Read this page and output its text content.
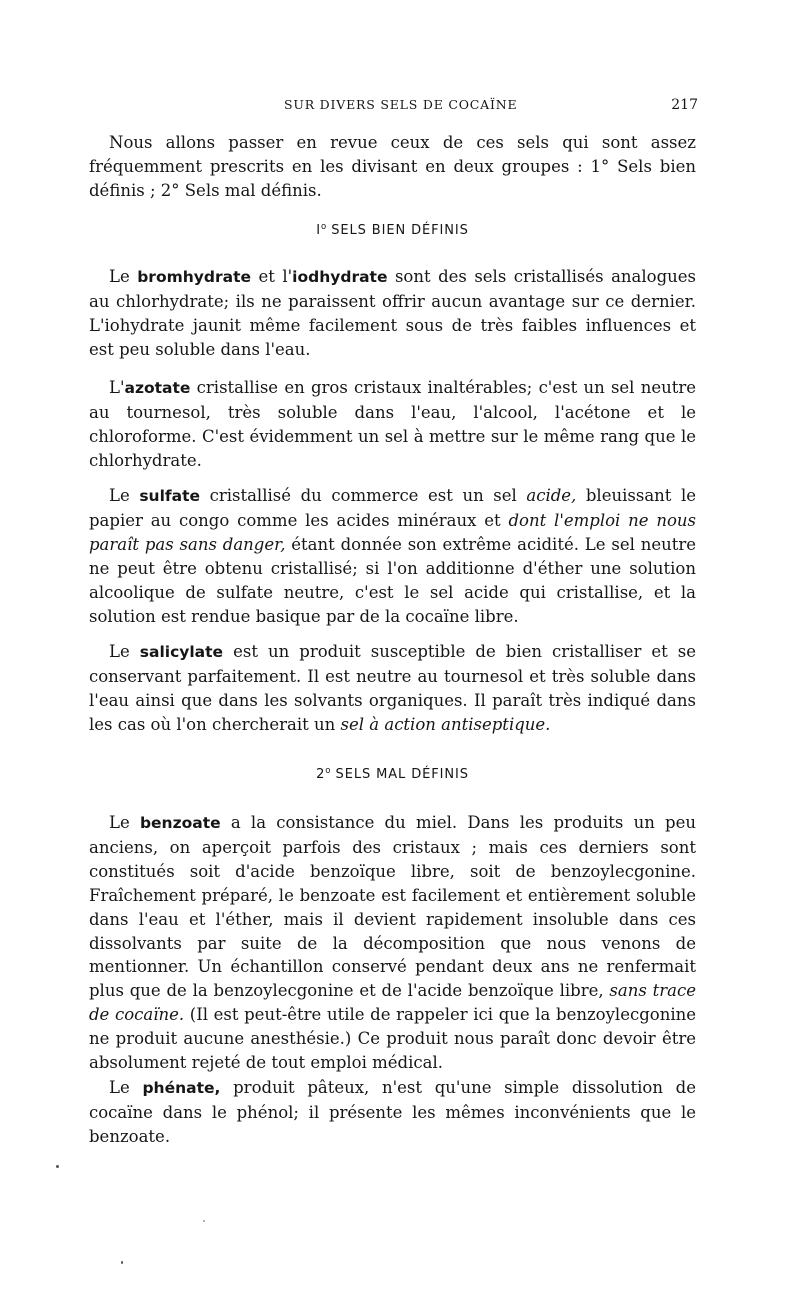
SUR DIVERS SELS DE COCAÏNE	217

Nous allons passer en revue ceux de ces sels qui sont assez fréquemment prescrits en les divisant en deux groupes : 1° Sels bien définis ; 2° Sels mal définis.

$I^o$ SELS BIEN DÉFINIS

Le bromhydrate et l'iodhydrate sont des sels cristallisés analogues au chlorhydrate; ils ne paraissent offrir aucun avantage sur ce dernier. L'iohydrate jaunit même facilement sous de très faibles influences et est peu soluble dans l'eau.

L'azotate cristallise en gros cristaux inaltérables; c'est un sel neutre au tournesol, très soluble dans l'eau, l'alcool, l'acétone et le chloroforme. C'est évidemment un sel à mettre sur le même rang que le chlorhydrate.

Le sulfate cristallisé du commerce est un sel acide, bleuissant le papier au congo comme les acides minéraux et dont l'emploi ne nous paraît pas sans danger, étant donnée son extrême acidité. Le sel neutre ne peut être obtenu cristallisé; si l'on additionne d'éther une solution alcoolique de sulfate neutre, c'est le sel acide qui cristallise, et la solution est rendue basique par de la cocaïne libre.

Le salicylate est un produit susceptible de bien cristalliser et se conservant parfaitement. Il est neutre au tournesol et très soluble dans l'eau ainsi que dans les solvants organiques. Il paraît très indiqué dans les cas où l'on chercherait un sel à action antiseptique.

2$^o$ SELS MAL DÉFINIS

Le benzoate a la consistance du miel. Dans les produits un peu anciens, on aperçoit parfois des cristaux ; mais ces derniers sont constitués soit d'acide benzoïque libre, soit de benzoylecgonine. Fraîchement préparé, le benzoate est facilement et entièrement soluble dans l'eau et l'éther, mais il devient rapidement insoluble dans ces dissolvants par suite de la décomposition que nous venons de mentionner. Un échantillon conservé pendant deux ans ne renfermait plus que de la benzoylecgonine et de l'acide benzoïque libre, sans trace de cocaïne. (Il est peut-être utile de rappeler ici que la benzoylecgonine ne produit aucune anesthésie.) Ce produit nous paraît donc devoir être absolument rejeté de tout emploi médical.

Le phénate, produit pâteux, n'est qu'une simple dissolution de cocaïne dans le phénol; il présente les mêmes inconvénients que le benzoate.
